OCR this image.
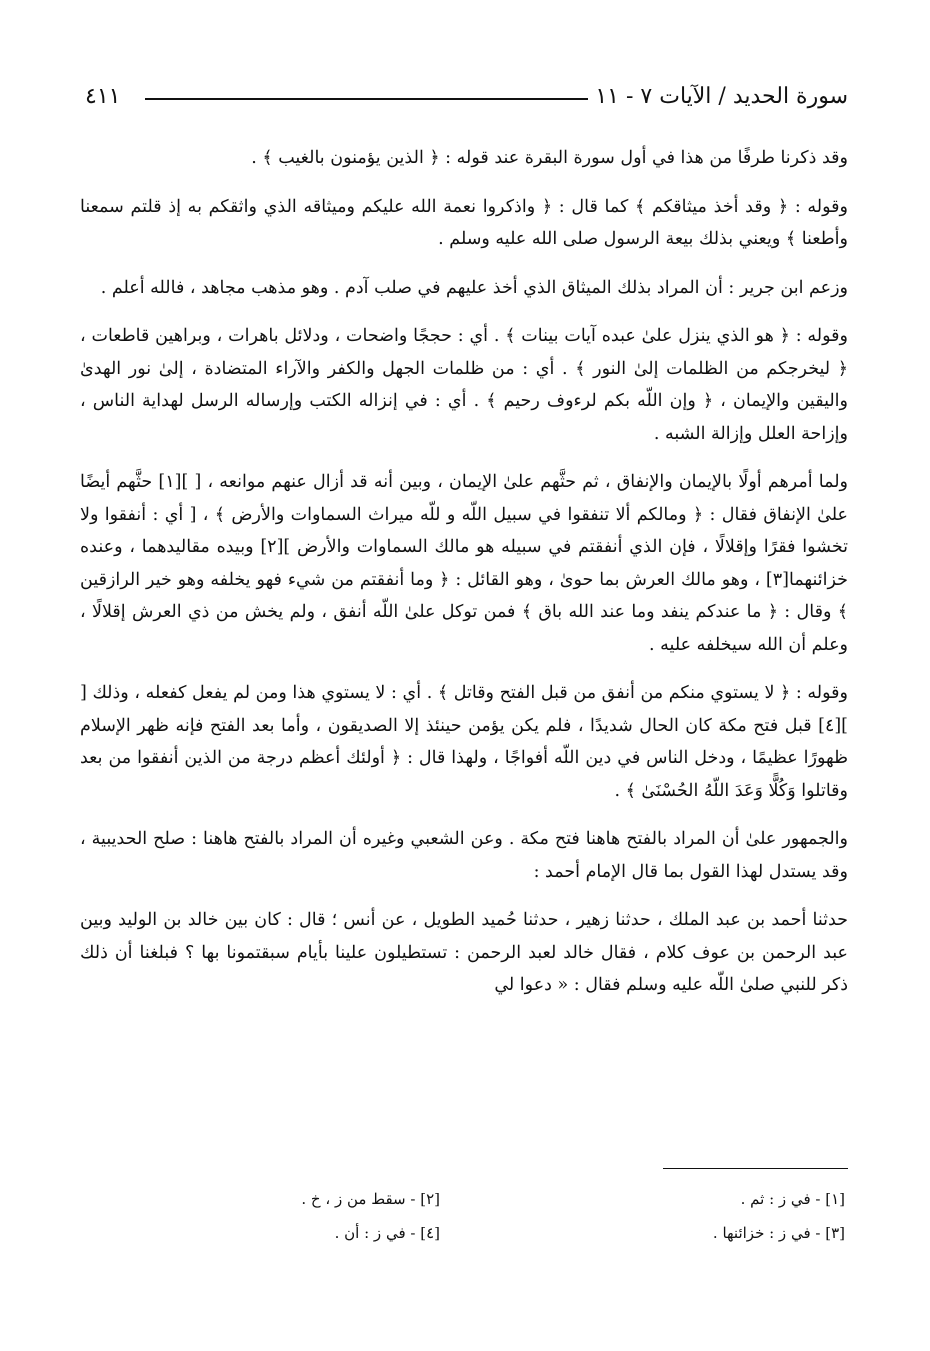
سورة الحديد / الآيات ٧ - ١١
٤١١

وقد ذكرنا طرفًا من هذا في أول سورة البقرة عند قوله : ﴿ الذين يؤمنون بالغيب ﴾ .

وقوله : ﴿ وقد أخذ ميثاقكم ﴾ كما قال : ﴿ واذكروا نعمة الله عليكم وميثاقه الذي واثقكم به إذ قلتم سمعنا وأطعنا ﴾ ويعني بذلك بيعة الرسول صلى الله عليه وسلم .

وزعم ابن جرير : أن المراد بذلك الميثاق الذي أخذ عليهم في صلب آدم . وهو مذهب مجاهد ، فالله أعلم .

وقوله : ﴿ هو الذي ينزل علىٰ عبده آيات بينات ﴾ . أي : حججًا واضحات ، ودلائل باهرات ، وبراهين قاطعات ، ﴿ ليخرجكم من الظلمات إلىٰ النور ﴾ . أي : من ظلمات الجهل والكفر والآراء المتضادة ، إلىٰ نور الهدىٰ واليقين والإيمان ، ﴿ وإن اللّه بكم لرءوف رحيم ﴾ . أي : في إنزاله الكتب وإرساله الرسل لهداية الناس ، وإزاحة العلل وإزالة الشبه .

ولما أمرهم أولًا بالإيمان والإنفاق ، ثم حثَّهم علىٰ الإيمان ، وبين أنه قد أزال عنهم موانعه ، [ ][١] حثَّهم أيضًا علىٰ الإنفاق فقال : ﴿ ومالكم ألا تنفقوا في سبيل اللّه و للّه ميراث السماوات والأرض ﴾ ، [ أي : أنفقوا ولا تخشوا فقرًا وإقلالًا ، فإن الذي أنفقتم في سبيله هو مالك السماوات والأرض ][٢] وبيده مقاليدهما ، وعنده خزائنهما[٣] ، وهو مالك العرش بما حوىٰ ، وهو القائل : ﴿ وما أنفقتم من شيء فهو يخلفه وهو خير الرازقين ﴾ وقال : ﴿ ما عندكم ينفد وما عند الله باق ﴾ فمن توكل علىٰ اللّه أنفق ، ولم يخش من ذي العرش إقلالًا ، وعلم أن الله سيخلفه عليه .

وقوله : ﴿ لا يستوي منكم من أنفق من قبل الفتح وقاتل ﴾ . أي : لا يستوي هذا ومن لم يفعل كفعله ، وذلك [ ][٤] قبل فتح مكة كان الحال شديدًا ، فلم يكن يؤمن حينئذ إلا الصديقون ، وأما بعد الفتح فإنه ظهر الإسلام ظهورًا عظيمًا ، ودخل الناس في دين اللّه أفواجًا ، ولهذا قال : ﴿ أولئك أعظم درجة من الذين أنفقوا من بعد وقاتلوا وَكُلًّا وَعَدَ اللّهُ الحُسْنَىٰ ﴾ .

والجمهور علىٰ أن المراد بالفتح هاهنا فتح مكة . وعن الشعبي وغيره أن المراد بالفتح هاهنا : صلح الحديبية ، وقد يستدل لهذا القول بما قال الإمام أحمد :

حدثنا أحمد بن عبد الملك ، حدثنا زهير ، حدثنا حُميد الطويل ، عن أنس ؛ قال : كان بين خالد بن الوليد وبين عبد الرحمن بن عوف كلام ، فقال خالد لعبد الرحمن : تستطيلون علينا بأيام سبقتمونا بها ؟ فبلغنا أن ذلك ذكر للنبي صلىٰ اللّه عليه وسلم فقال : « دعوا لي

[١] - في ز : ثم .
[٢] - سقط من ز ، خ .
[٣] - في ز : خزائنها .
[٤] - في ز : أن .
